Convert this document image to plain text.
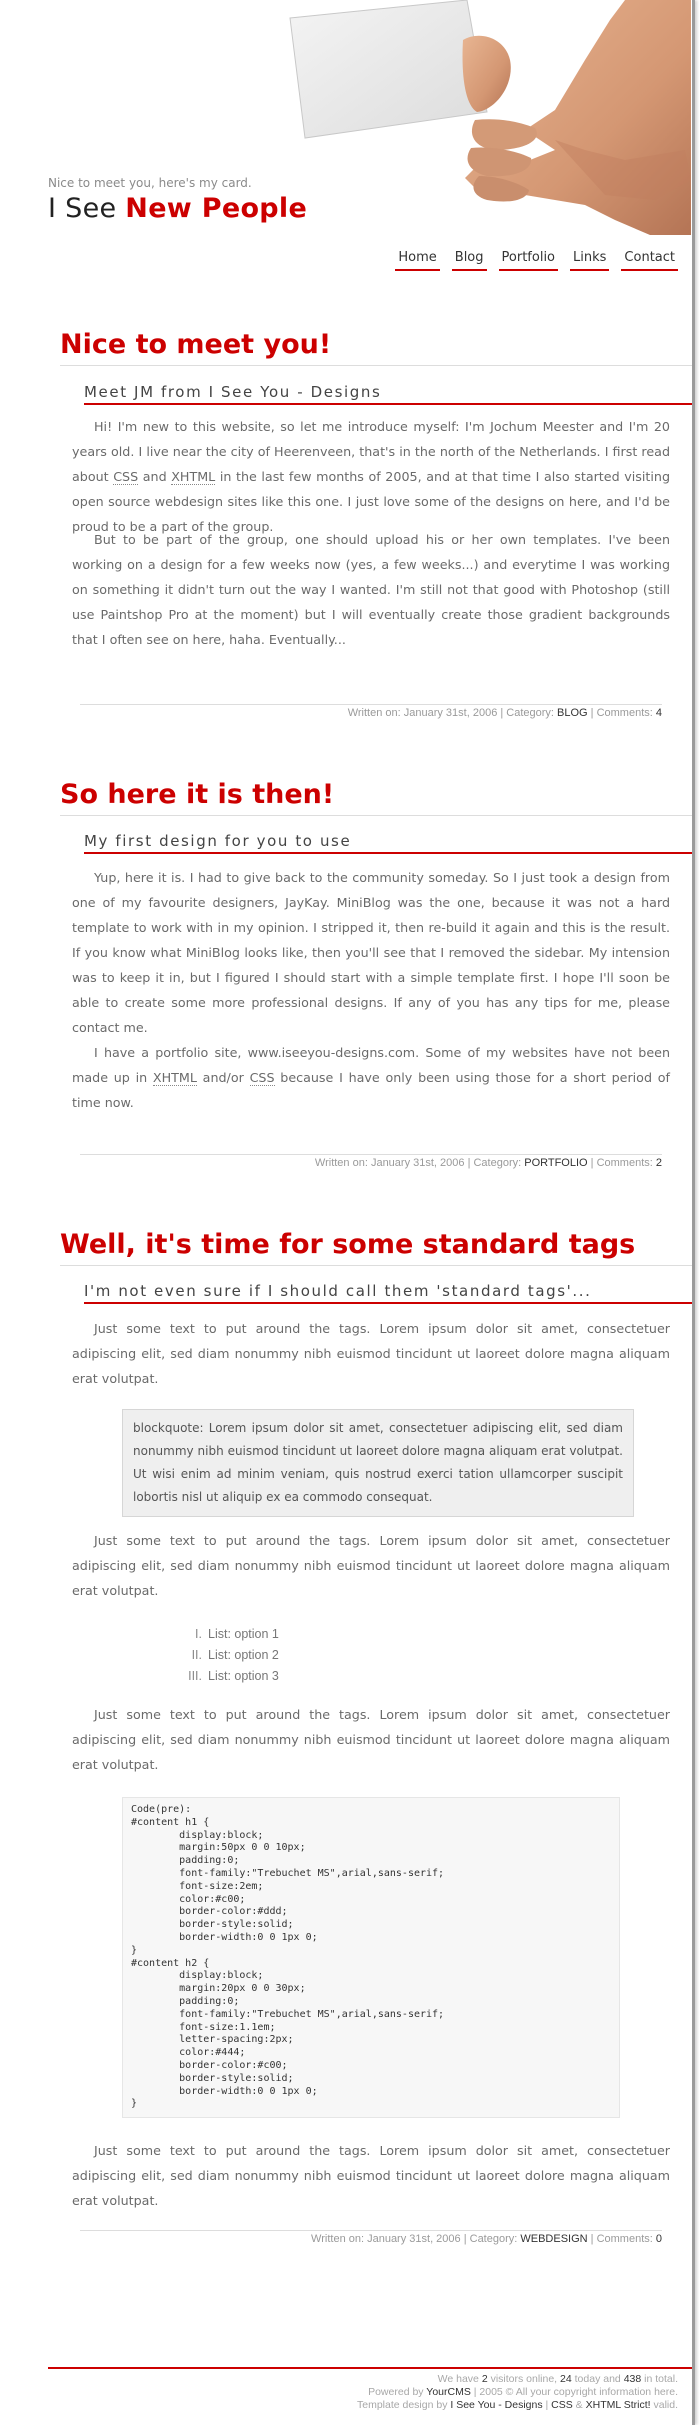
Nice to meet you, here's my card.
I See New People
Home Blog Portfolio Links Contact
Nice to meet you!
Meet JM from I See You - Designs

Hi! I'm new to this website, so let me introduce myself: I'm Jochum Meester and I'm 20 years old. I live near the city of Heerenveen, that's in the north of the Netherlands. I first read about CSS and XHTML in the last few months of 2005, and at that time I also started visiting open source webdesign sites like this one. I just love some of the designs on here, and I'd be proud to be a part of the group.

But to be part of the group, one should upload his or her own templates. I've been working on a design for a few weeks now (yes, a few weeks...) and everytime I was working on something it didn't turn out the way I wanted. I'm still not that good with Photoshop (still use Paintshop Pro at the moment) but I will eventually create those gradient backgrounds that I often see on here, haha. Eventually...

Written on: January 31st, 2006 | Category: BLOG | Comments: 4
So here it is then!
My first design for you to use

Yup, here it is. I had to give back to the community someday. So I just took a design from one of my favourite designers, JayKay. MiniBlog was the one, because it was not a hard template to work with in my opinion. I stripped it, then re-build it again and this is the result. If you know what MiniBlog looks like, then you'll see that I removed the sidebar. My intension was to keep it in, but I figured I should start with a simple template first. I hope I'll soon be able to create some more professional designs. If any of you has any tips for me, please contact me.

I have a portfolio site, www.iseeyou-designs.com. Some of my websites have not been made up in XHTML and/or CSS because I have only been using those for a short period of time now.

Written on: January 31st, 2006 | Category: PORTFOLIO | Comments: 2
Well, it's time for some standard tags
I'm not even sure if I should call them 'standard tags'...

Just some text to put around the tags. Lorem ipsum dolor sit amet, consectetuer adipiscing elit, sed diam nonummy nibh euismod tincidunt ut laoreet dolore magna aliquam erat volutpat.

blockquote: Lorem ipsum dolor sit amet, consectetuer adipiscing elit, sed diam nonummy nibh euismod tincidunt ut laoreet dolore magna aliquam erat volutpat. Ut wisi enim ad minim veniam, quis nostrud exerci tation ullamcorper suscipit lobortis nisl ut aliquip ex ea commodo consequat.

Just some text to put around the tags. Lorem ipsum dolor sit amet, consectetuer adipiscing elit, sed diam nonummy nibh euismod tincidunt ut laoreet dolore magna aliquam erat volutpat.

I. List: option 1
II. List: option 2
III. List: option 3

Just some text to put around the tags. Lorem ipsum dolor sit amet, consectetuer adipiscing elit, sed diam nonummy nibh euismod tincidunt ut laoreet dolore magna aliquam erat volutpat.

Code(pre):
#content h1 {
display:block;
margin:50px 0 0 10px;
padding:0;
font-family:"Trebuchet MS",arial,sans-serif;
font-size:2em;
color:#c00;
border-color:#ddd;
border-style:solid;
border-width:0 0 1px 0;
}
#content h2 {
display:block;
margin:20px 0 0 30px;
padding:0;
font-family:"Trebuchet MS",arial,sans-serif;
font-size:1.1em;
letter-spacing:2px;
color:#444;
border-color:#c00;
border-style:solid;
border-width:0 0 1px 0;
}

Just some text to put around the tags. Lorem ipsum dolor sit amet, consectetuer adipiscing elit, sed diam nonummy nibh euismod tincidunt ut laoreet dolore magna aliquam erat volutpat.

Written on: January 31st, 2006 | Category: WEBDESIGN | Comments: 0
We have 2 visitors online, 24 today and 438 in total.
Powered by YourCMS | 2005 © All your copyright information here.
Template design by I See You - Designs | CSS & XHTML Strict! valid.
